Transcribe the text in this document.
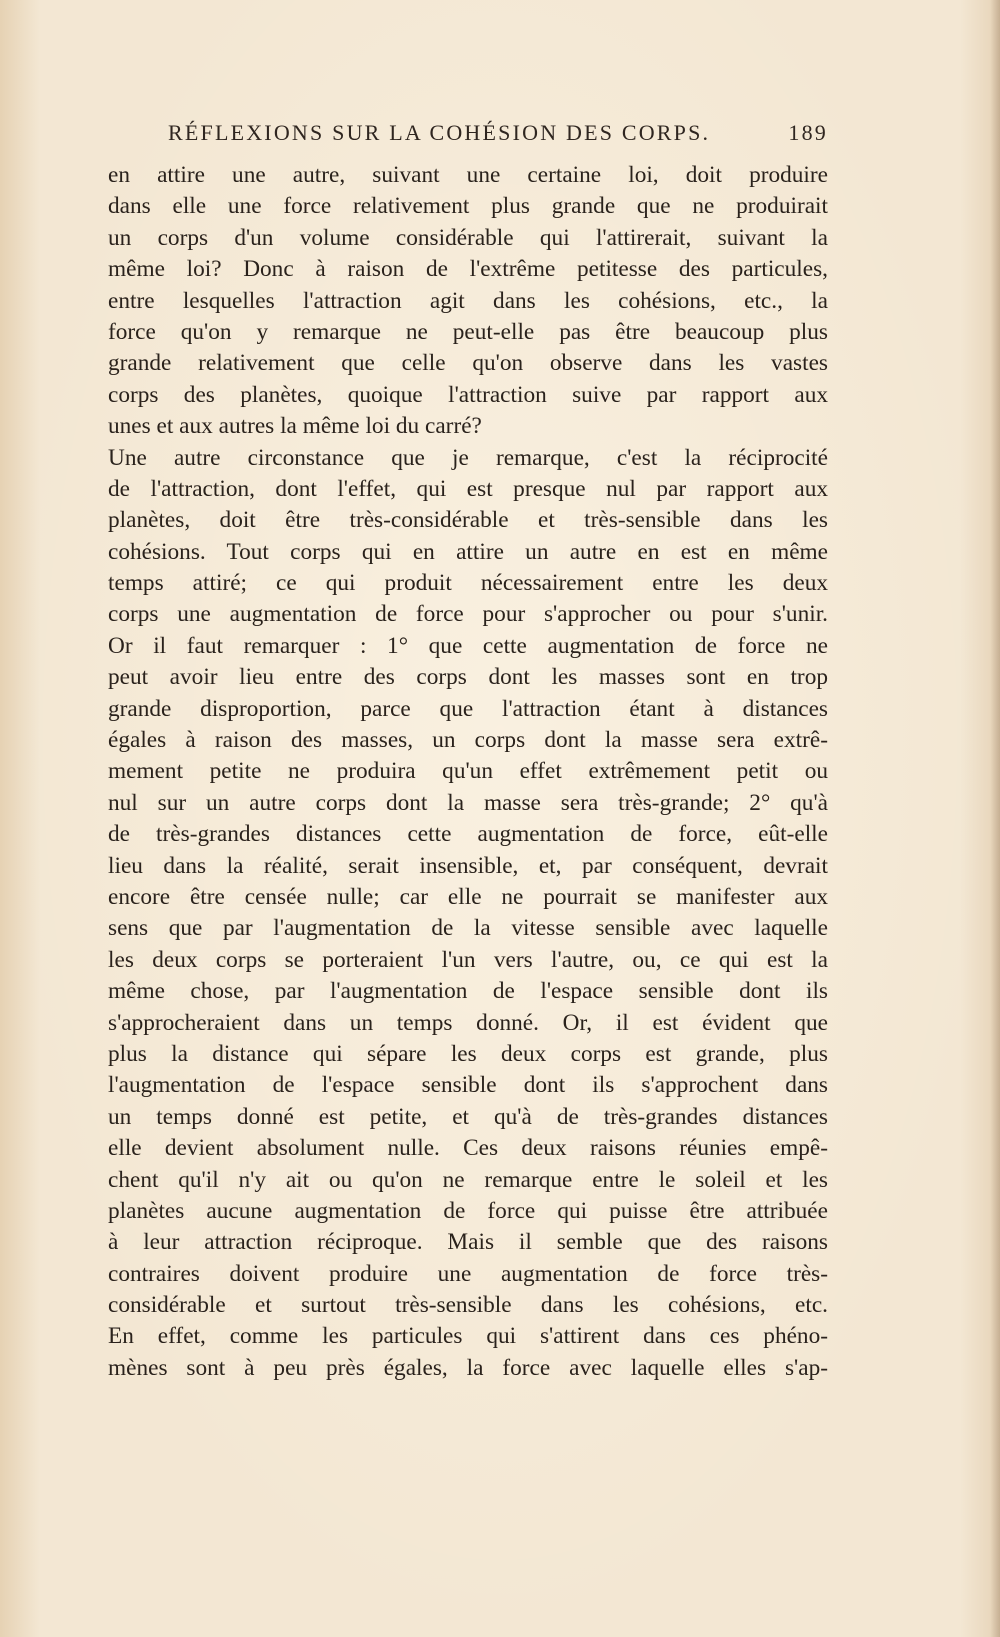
RÉFLEXIONS SUR LA COHÉSION DES CORPS.	189
en attire une autre, suivant une certaine loi, doit produire
dans elle une force relativement plus grande que ne produirait
un corps d'un volume considérable qui l'attirerait, suivant la
même loi? Donc à raison de l'extrême petitesse des particules,
entre lesquelles l'attraction agit dans les cohésions, etc., la
force qu'on y remarque ne peut-elle pas être beaucoup plus
grande relativement que celle qu'on observe dans les vastes
corps des planètes, quoique l'attraction suive par rapport aux
unes et aux autres la même loi du carré?
Une autre circonstance que je remarque, c'est la réciprocité
de l'attraction, dont l'effet, qui est presque nul par rapport aux
planètes, doit être très-considérable et très-sensible dans les
cohésions. Tout corps qui en attire un autre en est en même
temps attiré; ce qui produit nécessairement entre les deux
corps une augmentation de force pour s'approcher ou pour s'unir.
Or il faut remarquer : 1° que cette augmentation de force ne
peut avoir lieu entre des corps dont les masses sont en trop
grande disproportion, parce que l'attraction étant à distances
égales à raison des masses, un corps dont la masse sera extrê-
mement petite ne produira qu'un effet extrêmement petit ou
nul sur un autre corps dont la masse sera très-grande; 2° qu'à
de très-grandes distances cette augmentation de force, eût-elle
lieu dans la réalité, serait insensible, et, par conséquent, devrait
encore être censée nulle; car elle ne pourrait se manifester aux
sens que par l'augmentation de la vitesse sensible avec laquelle
les deux corps se porteraient l'un vers l'autre, ou, ce qui est la
même chose, par l'augmentation de l'espace sensible dont ils
s'approcheraient dans un temps donné. Or, il est évident que
plus la distance qui sépare les deux corps est grande, plus
l'augmentation de l'espace sensible dont ils s'approchent dans
un temps donné est petite, et qu'à de très-grandes distances
elle devient absolument nulle. Ces deux raisons réunies empê-
chent qu'il n'y ait ou qu'on ne remarque entre le soleil et les
planètes aucune augmentation de force qui puisse être attribuée
à leur attraction réciproque. Mais il semble que des raisons
contraires doivent produire une augmentation de force très-
considérable et surtout très-sensible dans les cohésions, etc.
En effet, comme les particules qui s'attirent dans ces phéno-
mènes sont à peu près égales, la force avec laquelle elles s'ap-
